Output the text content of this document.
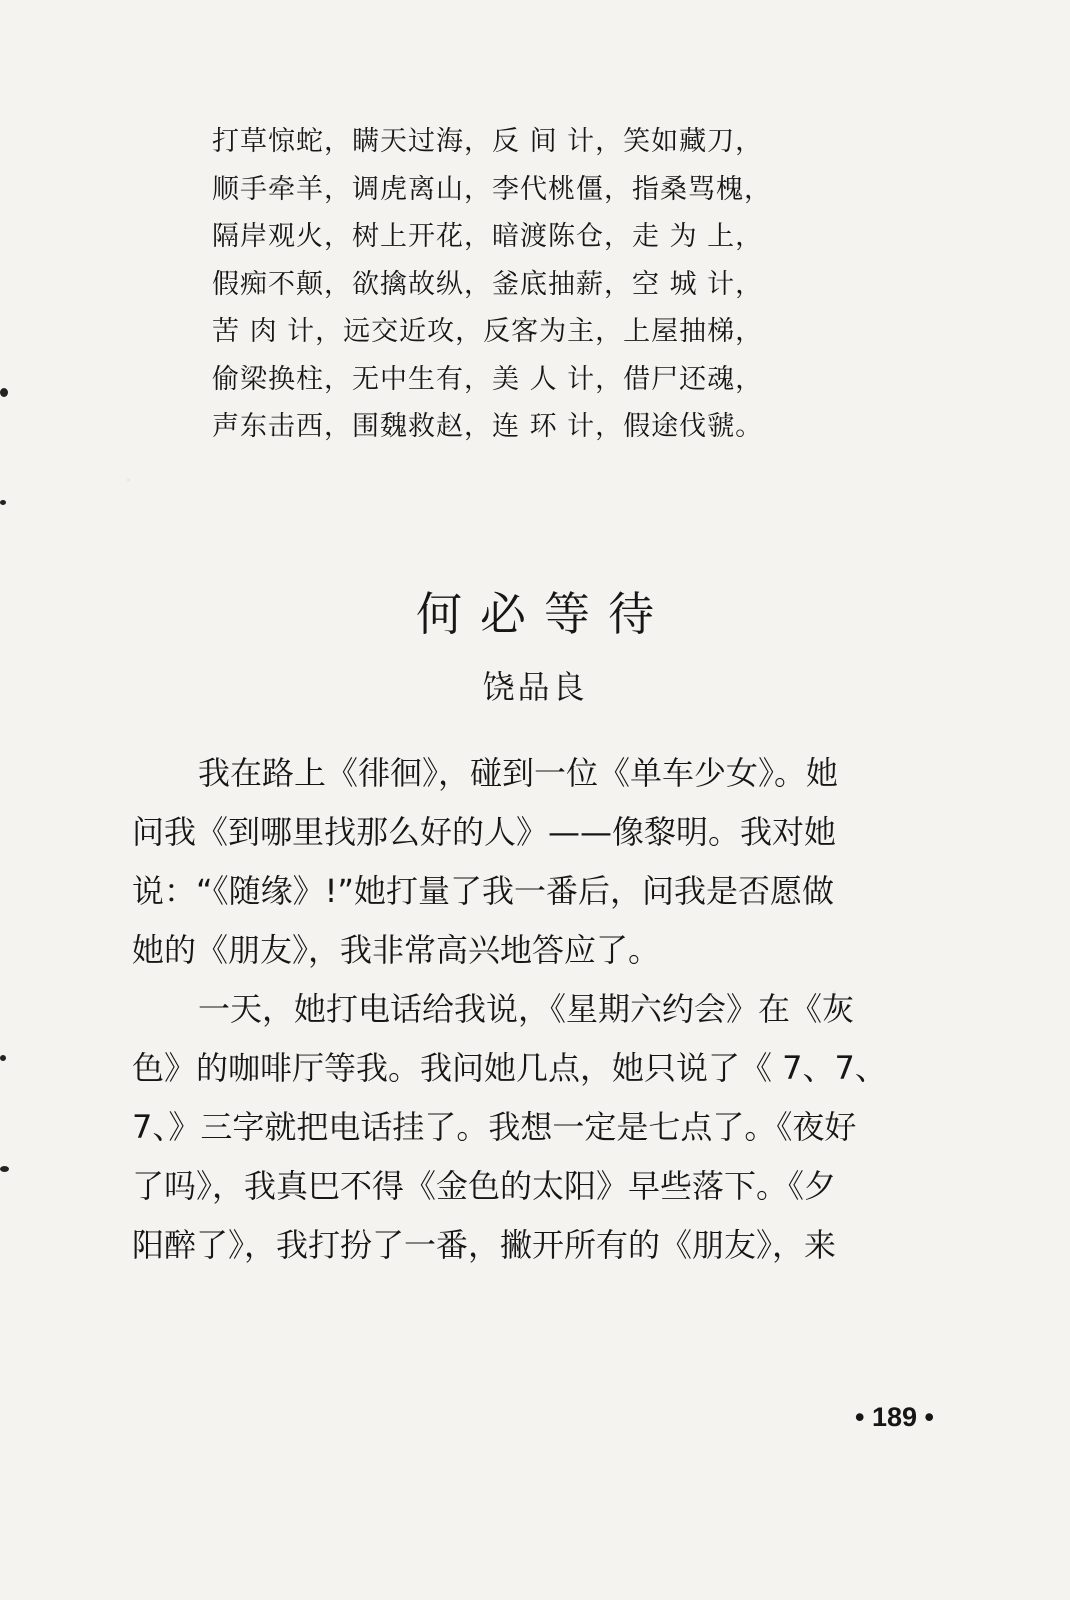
打草惊蛇，瞒天过海，反 间 计，笑如藏刀，
顺手牵羊，调虎离山，李代桃僵，指桑骂槐，
隔岸观火，树上开花，暗渡陈仓，走 为 上，
假痴不颠，欲擒故纵，釜底抽薪，空 城 计，
苦 肉 计，远交近攻，反客为主，上屋抽梯，
偷梁换柱，无中生有，美 人 计，借尸还魂，
声东击西，围魏救赵，连 环 计，假途伐虢。
何必等待
饶品良
我在路上《徘徊》，碰到一位《单车少女》。她
问我《到哪里找那么好的人》——像黎明。我对她
说：“《随缘》!”她打量了我一番后，问我是否愿做
她的《朋友》，我非常高兴地答应了。
一天，她打电话给我说，《星期六约会》在《灰
色》的咖啡厅等我。我问她几点，她只说了《 7、7、
7、》三字就把电话挂了。我想一定是七点了。《夜好
了吗》，我真巴不得《金色的太阳》早些落下。《夕
阳醉了》，我打扮了一番，撇开所有的《朋友》，来
• 189 •
